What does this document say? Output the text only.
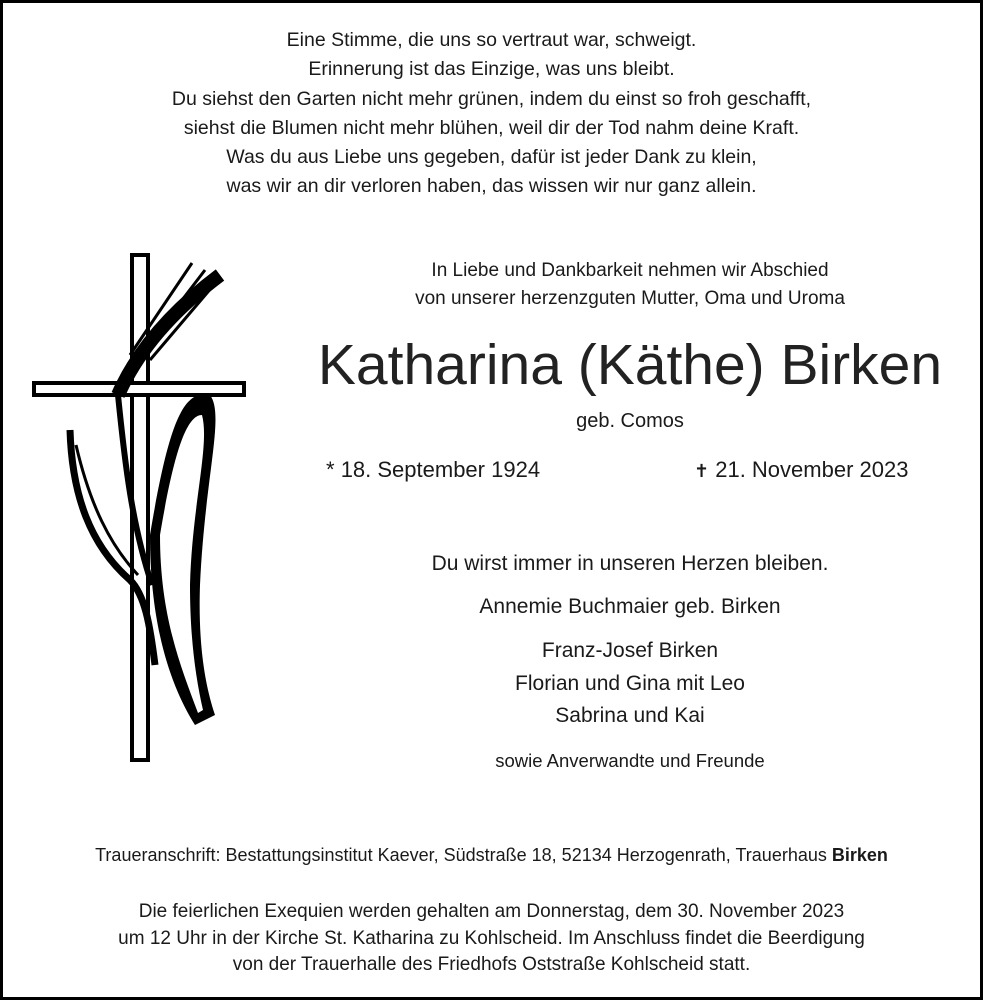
Eine Stimme, die uns so vertraut war, schweigt.
Erinnerung ist das Einzige, was uns bleibt.
Du siehst den Garten nicht mehr grünen, indem du einst so froh geschafft,
siehst die Blumen nicht mehr blühen, weil dir der Tod nahm deine Kraft.
Was du aus Liebe uns gegeben, dafür ist jeder Dank zu klein,
was wir an dir verloren haben, das wissen wir nur ganz allein.
In Liebe und Dankbarkeit nehmen wir Abschied
von unserer herzenzguten Mutter, Oma und Uroma
Katharina (Käthe) Birken
geb. Comos
* 18. September 1924	✝ 21. November 2023
Du wirst immer in unseren Herzen bleiben.
Annemie Buchmaier geb. Birken
Franz-Josef Birken
Florian und Gina mit Leo
Sabrina und Kai
sowie Anverwandte und Freunde
Traueranschrift: Bestattungsinstitut Kaever, Südstraße 18, 52134 Herzogenrath, Trauerhaus Birken
Die feierlichen Exequien werden gehalten am Donnerstag, dem 30. November 2023
um 12 Uhr in der Kirche St. Katharina zu Kohlscheid. Im Anschluss findet die Beerdigung
von der Trauerhalle des Friedhofs Oststraße Kohlscheid statt.
